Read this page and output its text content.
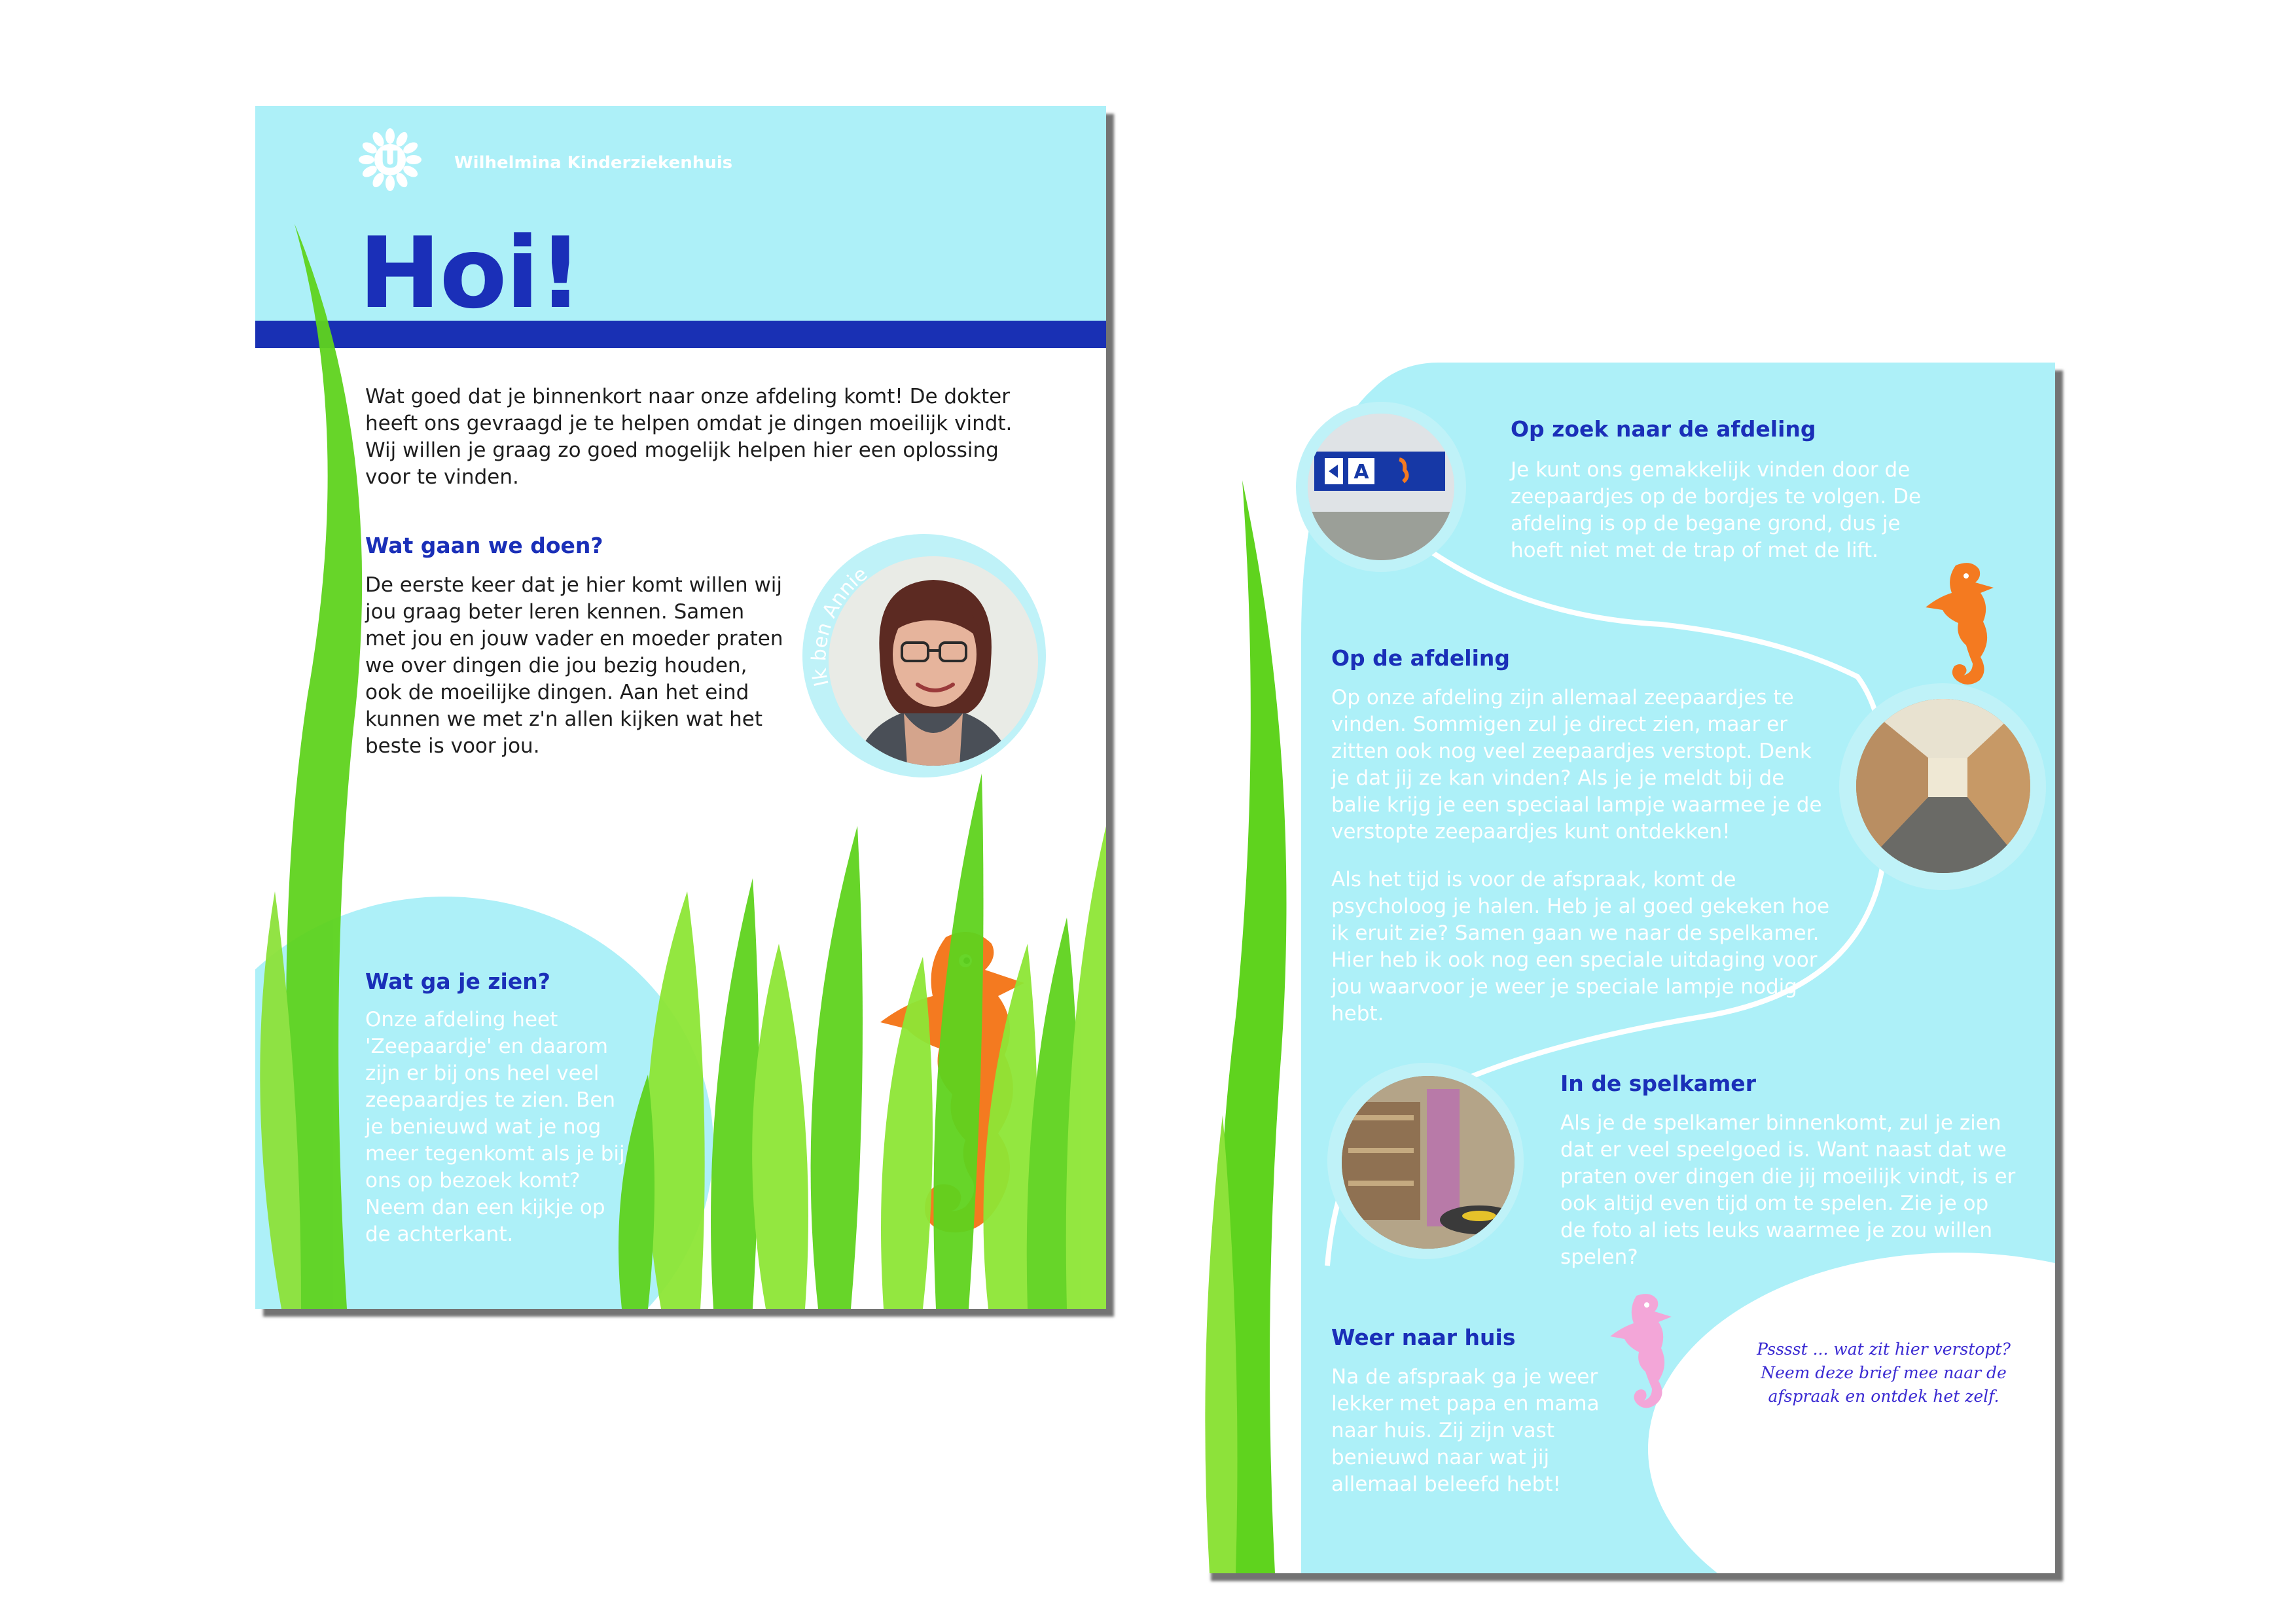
U	Wilhelmina Kinderziekenhuis
Hoi!
Wat goed dat je binnenkort naar onze afdeling komt! De dokter heeft ons gevraagd je te helpen omdat je dingen moeilijk vindt. Wij willen je graag zo goed mogelijk helpen hier een oplossing voor te vinden.
Wat gaan we doen?
De eerste keer dat je hier komt willen wij jou graag beter leren kennen. Samen met jou en jouw vader en moeder praten we over dingen die jou bezig houden, ook de moeilijke dingen. Aan het eind kunnen we met z'n allen kijken wat het beste is voor jou.
Ik ben Annie
Wat ga je zien?
Onze afdeling heet 'Zeepaardje' en daarom zijn er bij ons heel veel zeepaardjes te zien. Ben je benieuwd wat je nog meer tegenkomt als je bij ons op bezoek komt? Neem dan een kijkje op de achterkant.
A
Op zoek naar de afdeling
Je kunt ons gemakkelijk vinden door de zeepaardjes op de bordjes te volgen. De afdeling is op de begane grond, dus je hoeft niet met de trap of met de lift.
Op de afdeling
Op onze afdeling zijn allemaal zeepaardjes te vinden. Sommigen zul je direct zien, maar er zitten ook nog veel zeepaardjes verstopt. Denk je dat jij ze kan vinden? Als je je meldt bij de balie krijg je een speciaal lampje waarmee je de verstopte zeepaardjes kunt ontdekken!
Als het tijd is voor de afspraak, komt de psycholoog je halen. Heb je al goed gekeken hoe ik eruit zie? Samen gaan we naar de spelkamer. Hier heb ik ook nog een speciale uitdaging voor jou waarvoor je weer je speciale lampje nodig hebt.
In de spelkamer
Als je de spelkamer binnenkomt, zul je zien dat er veel speelgoed is. Want naast dat we praten over dingen die jij moeilijk vindt, is er ook altijd even tijd om te spelen. Zie je op de foto al iets leuks waarmee je zou willen spelen?
Weer naar huis
Na de afspraak ga je weer lekker met papa en mama naar huis. Zij zijn vast benieuwd naar wat jij allemaal beleefd hebt!
Psssst ... wat zit hier verstopt? Neem deze brief mee naar de afspraak en ontdek het zelf.
